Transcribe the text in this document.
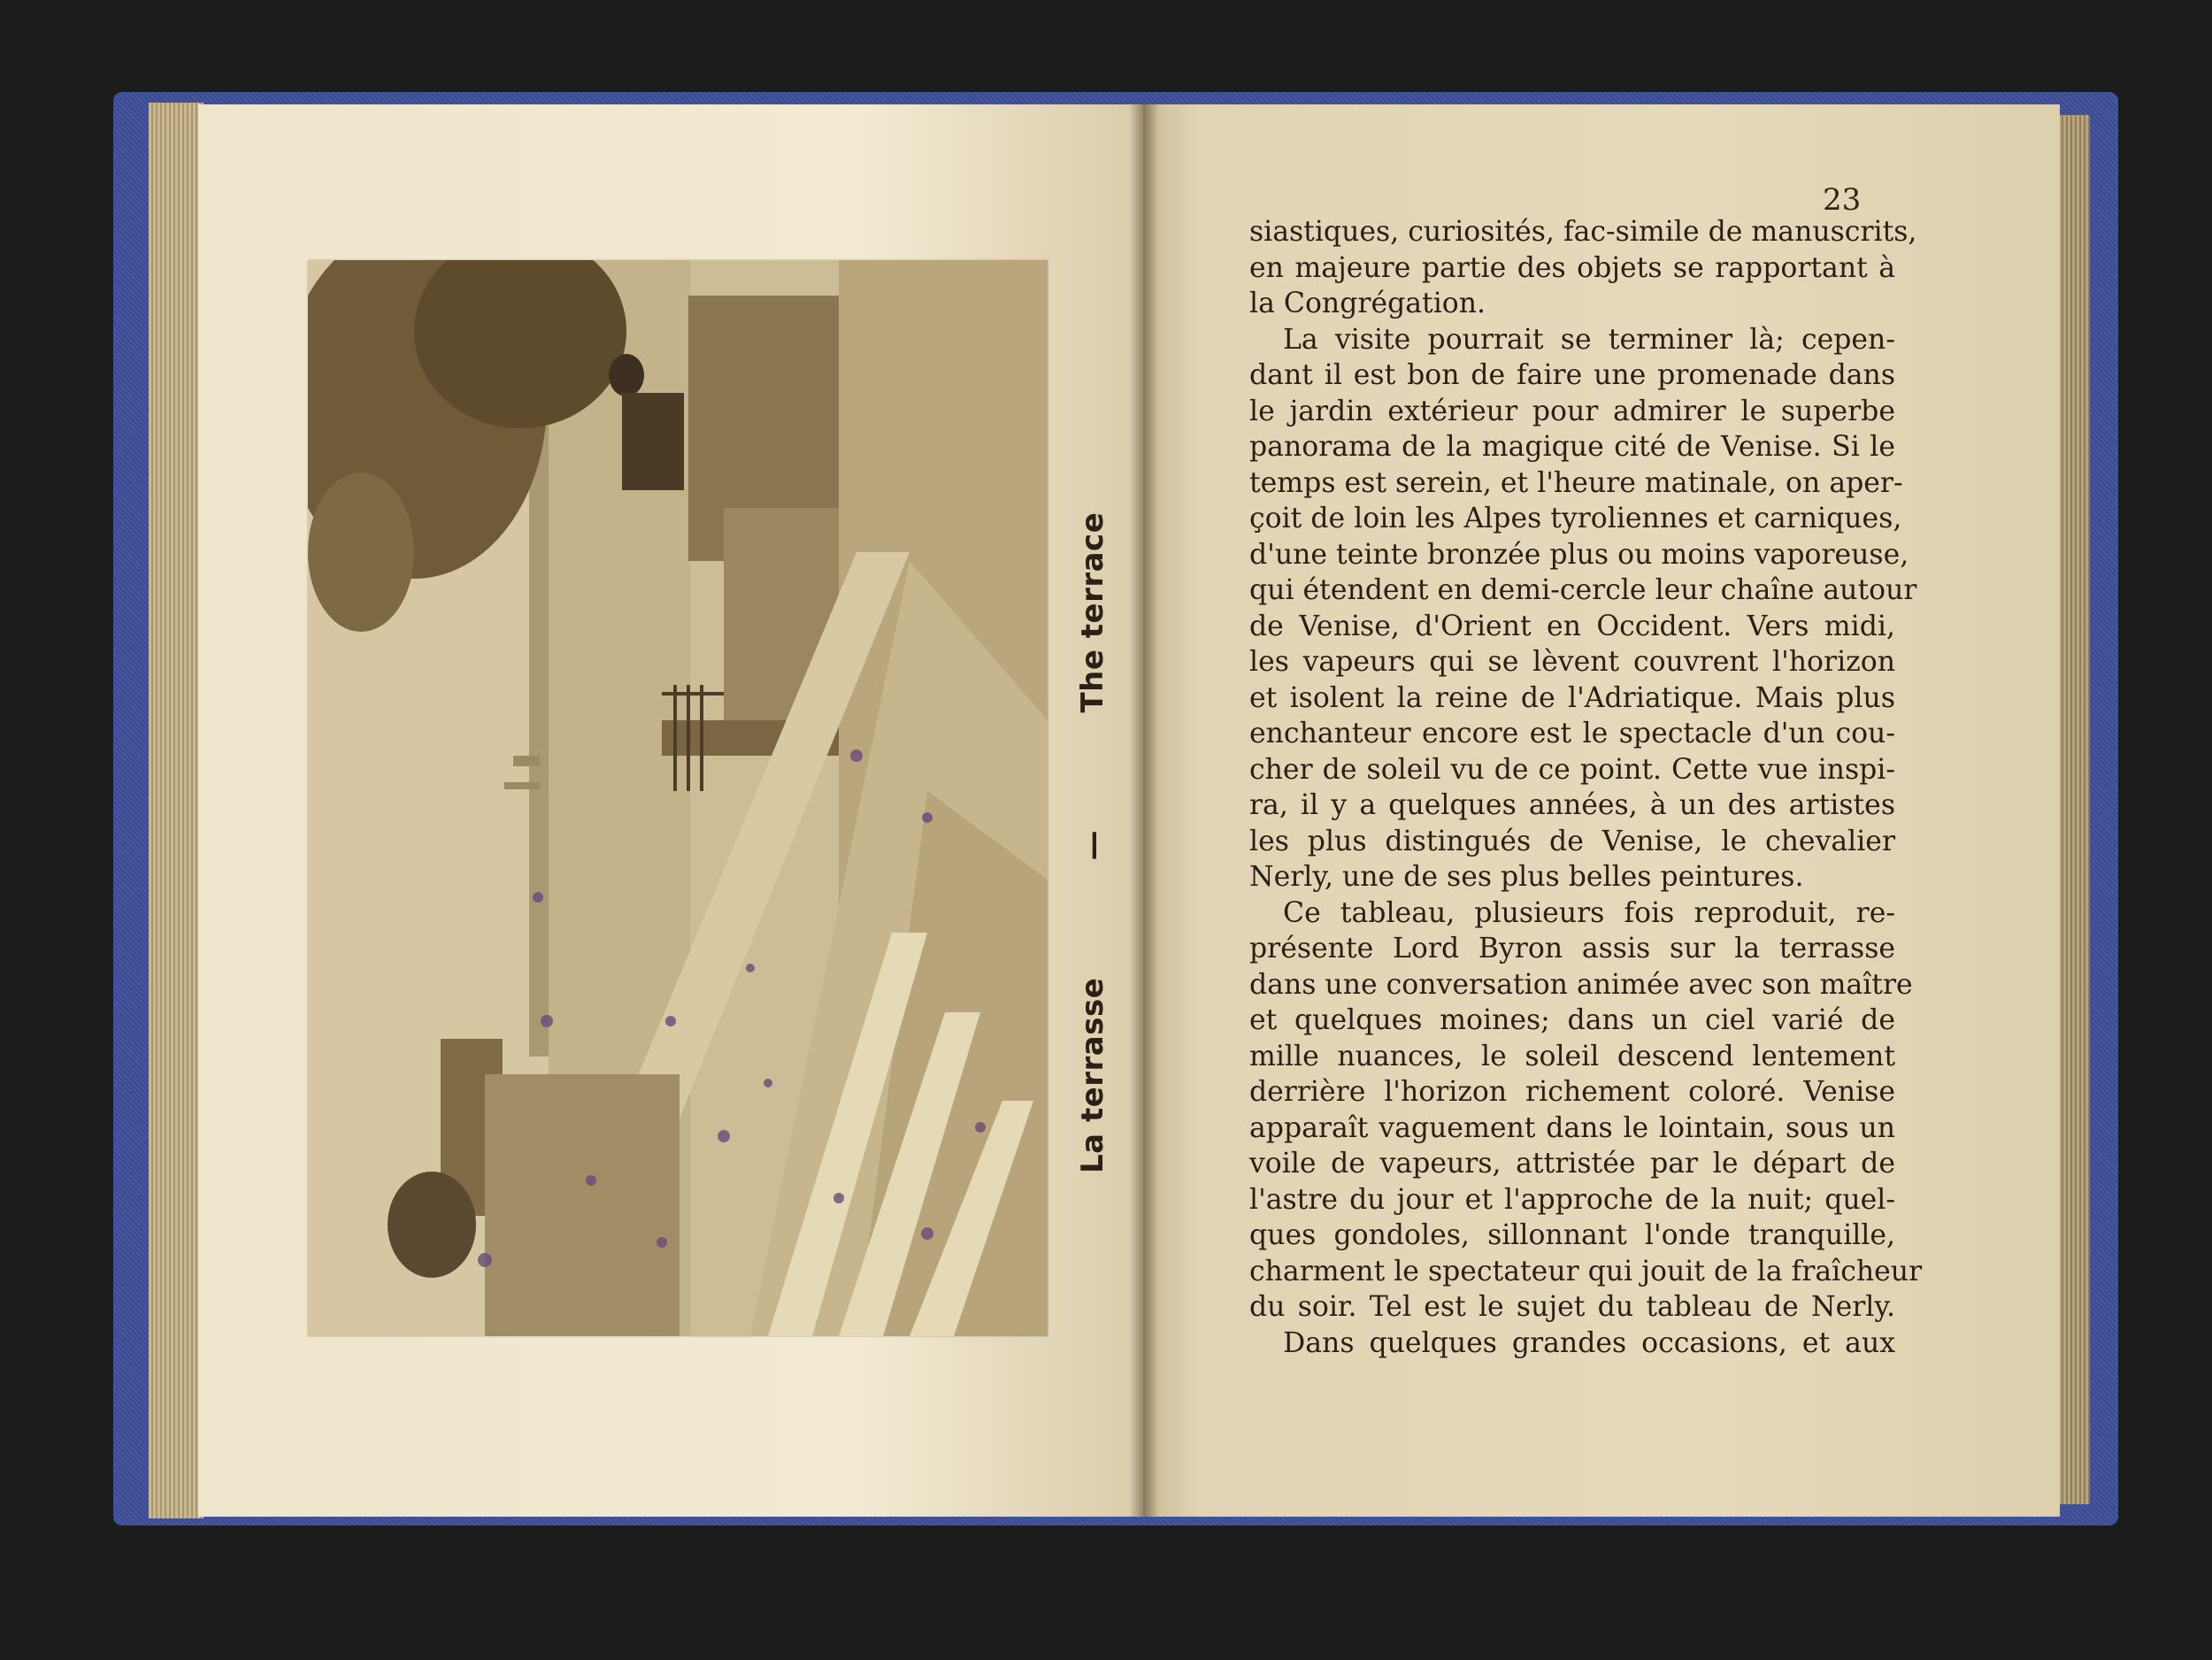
La terrasse — The terrace
23
siastiques, curiosités, fac-simile de manuscrits,
en majeure partie des objets se rapportant à
la Congrégation.
La visite pourrait se terminer là; cepen-
dant il est bon de faire une promenade dans
le jardin extérieur pour admirer le superbe
panorama de la magique cité de Venise. Si le
temps est serein, et l'heure matinale, on aper-
çoit de loin les Alpes tyroliennes et carniques,
d'une teinte bronzée plus ou moins vaporeuse,
qui étendent en demi-cercle leur chaîne autour
de Venise, d'Orient en Occident. Vers midi,
les vapeurs qui se lèvent couvrent l'horizon
et isolent la reine de l'Adriatique. Mais plus
enchanteur encore est le spectacle d'un cou-
cher de soleil vu de ce point. Cette vue inspi-
ra, il y a quelques années, à un des artistes
les plus distingués de Venise, le chevalier
Nerly, une de ses plus belles peintures.
Ce tableau, plusieurs fois reproduit, re-
présente Lord Byron assis sur la terrasse
dans une conversation animée avec son maître
et quelques moines; dans un ciel varié de
mille nuances, le soleil descend lentement
derrière l'horizon richement coloré. Venise
apparaît vaguement dans le lointain, sous un
voile de vapeurs, attristée par le départ de
l'astre du jour et l'approche de la nuit; quel-
ques gondoles, sillonnant l'onde tranquille,
charment le spectateur qui jouit de la fraîcheur
du soir. Tel est le sujet du tableau de Nerly.
Dans quelques grandes occasions, et aux
